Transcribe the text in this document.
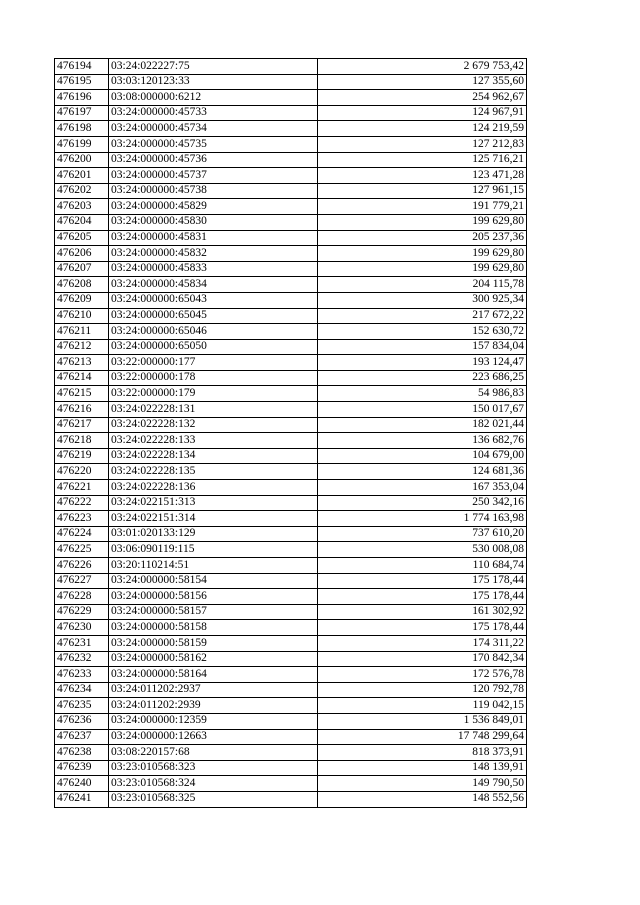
476194	03:24:022227:75	2 679 753,42
476195	03:03:120123:33	127 355,60
476196	03:08:000000:6212	254 962,67
476197	03:24:000000:45733	124 967,91
476198	03:24:000000:45734	124 219,59
476199	03:24:000000:45735	127 212,83
476200	03:24:000000:45736	125 716,21
476201	03:24:000000:45737	123 471,28
476202	03:24:000000:45738	127 961,15
476203	03:24:000000:45829	191 779,21
476204	03:24:000000:45830	199 629,80
476205	03:24:000000:45831	205 237,36
476206	03:24:000000:45832	199 629,80
476207	03:24:000000:45833	199 629,80
476208	03:24:000000:45834	204 115,78
476209	03:24:000000:65043	300 925,34
476210	03:24:000000:65045	217 672,22
476211	03:24:000000:65046	152 630,72
476212	03:24:000000:65050	157 834,04
476213	03:22:000000:177	193 124,47
476214	03:22:000000:178	223 686,25
476215	03:22:000000:179	54 986,83
476216	03:24:022228:131	150 017,67
476217	03:24:022228:132	182 021,44
476218	03:24:022228:133	136 682,76
476219	03:24:022228:134	104 679,00
476220	03:24:022228:135	124 681,36
476221	03:24:022228:136	167 353,04
476222	03:24:022151:313	250 342,16
476223	03:24:022151:314	1 774 163,98
476224	03:01:020133:129	737 610,20
476225	03:06:090119:115	530 008,08
476226	03:20:110214:51	110 684,74
476227	03:24:000000:58154	175 178,44
476228	03:24:000000:58156	175 178,44
476229	03:24:000000:58157	161 302,92
476230	03:24:000000:58158	175 178,44
476231	03:24:000000:58159	174 311,22
476232	03:24:000000:58162	170 842,34
476233	03:24:000000:58164	172 576,78
476234	03:24:011202:2937	120 792,78
476235	03:24:011202:2939	119 042,15
476236	03:24:000000:12359	1 536 849,01
476237	03:24:000000:12663	17 748 299,64
476238	03:08:220157:68	818 373,91
476239	03:23:010568:323	148 139,91
476240	03:23:010568:324	149 790,50
476241	03:23:010568:325	148 552,56
